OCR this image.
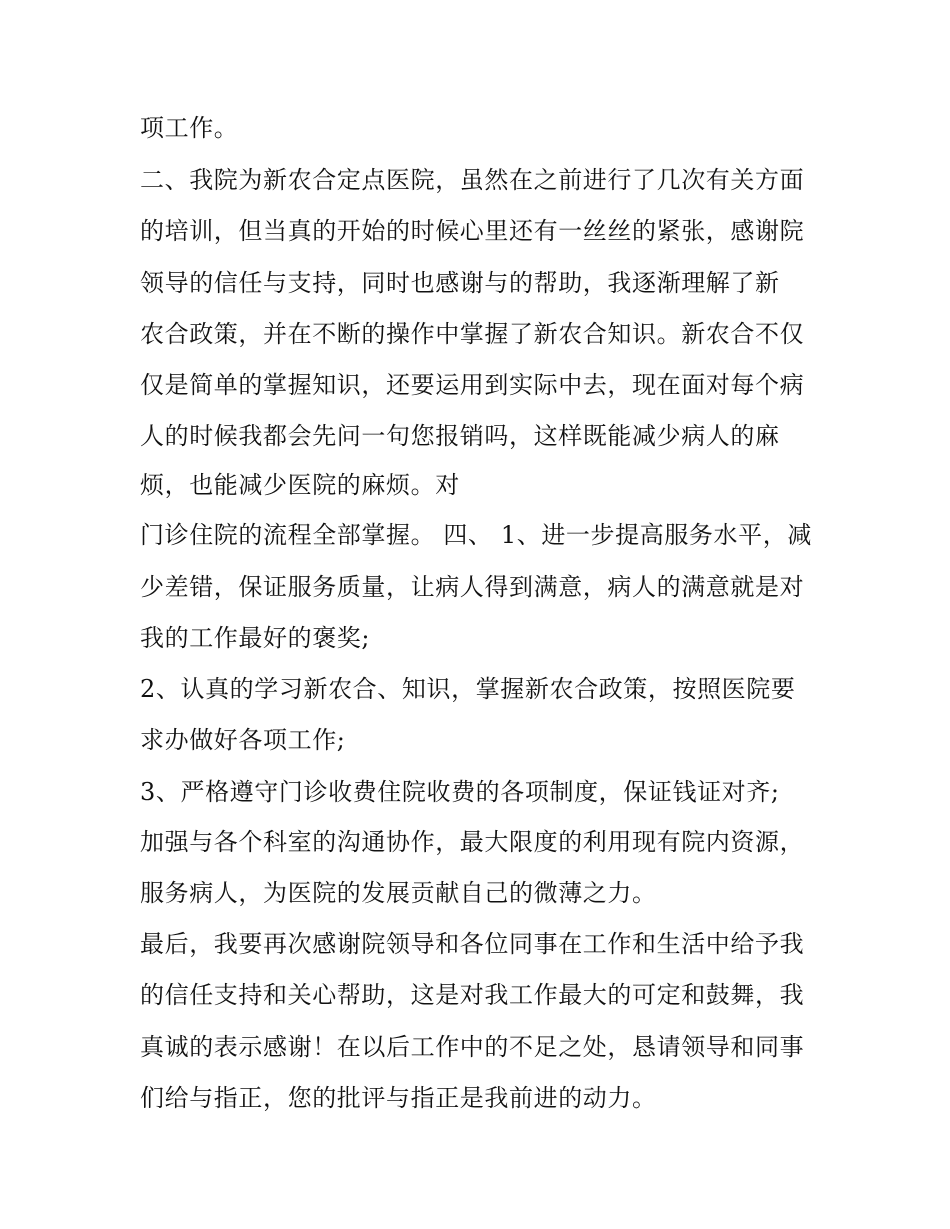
项工作。
二、我院为新农合定点医院，虽然在之前进行了几次有关方面
的培训，但当真的开始的时候心里还有一丝丝的紧张，感谢院
领导的信任与支持，同时也感谢与的帮助，我逐渐理解了新
农合政策，并在不断的操作中掌握了新农合知识。新农合不仅
仅是简单的掌握知识，还要运用到实际中去，现在面对每个病
人的时候我都会先问一句您报销吗，这样既能减少病人的麻
烦，也能减少医院的麻烦。对
门诊住院的流程全部掌握。 四、 1、进一步提高服务水平，减
少差错，保证服务质量，让病人得到满意，病人的满意就是对
我的工作最好的褒奖;
2、认真的学习新农合、知识，掌握新农合政策，按照医院要
求办做好各项工作;
3、严格遵守门诊收费住院收费的各项制度，保证钱证对齐;
加强与各个科室的沟通协作，最大限度的利用现有院内资源，
服务病人，为医院的发展贡献自己的微薄之力。
最后，我要再次感谢院领导和各位同事在工作和生活中给予我
的信任支持和关心帮助，这是对我工作最大的可定和鼓舞，我
真诚的表示感谢！在以后工作中的不足之处，恳请领导和同事
们给与指正，您的批评与指正是我前进的动力。
